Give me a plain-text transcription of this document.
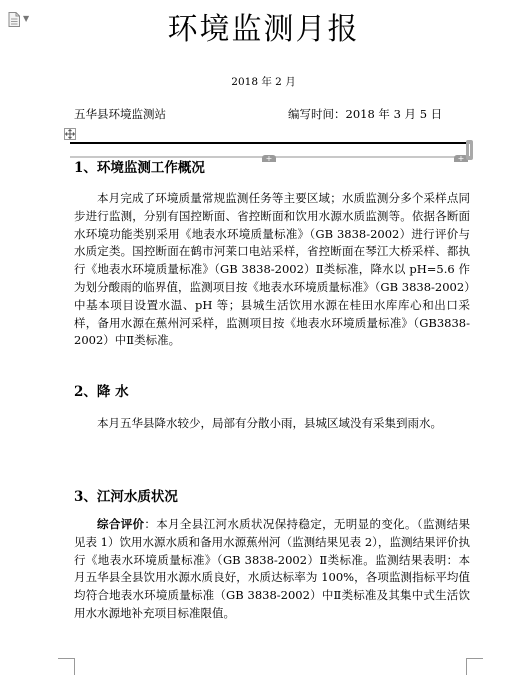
▼	环境监测月报
2018 年 2 月
五华县环境监测站	编写时间：2018 年 3 月 5 日
+	+
1、环境监测工作概况

本月完成了环境质量常规监测任务等主要区域；水质监测分多个采样点同步进行监测，分别有国控断面、省控断面和饮用水源水质监测等。依据各断面水环境功能类别采用《地表水环境质量标准》（GB 3838-2002）进行评价与水质定类。国控断面在鹤市河莱口电站采样，省控断面在琴江大桥采样、都执行《地表水环境质量标准》（GB 3838-2002）Ⅱ类标准，降水以 pH=5.6 作为划分酸雨的临界值，监测项目按《地表水环境质量标准》（GB 3838-2002）中基本项目设置水温、pH 等；县城生活饮用水源在桂田水库库心和出口采样，备用水源在蕉州河采样，监测项目按《地表水环境质量标准》（GB3838-2002）中Ⅱ类标准。

2、降 水

本月五华县降水较少，局部有分散小雨，县城区域没有采集到雨水。

3、江河水质状况

综合评价：本月全县江河水质状况保持稳定，无明显的变化。（监测结果见表 1）饮用水源水质和备用水源蕉州河（监测结果见表 2），监测结果评价执行《地表水环境质量标准》（GB 3838-2002）Ⅱ类标准。监测结果表明：本月五华县全县饮用水源水质良好，水质达标率为 100%，各项监测指标平均值均符合地表水环境质量标准（GB 3838-2002）中Ⅱ类标准及其集中式生活饮用水水源地补充项目标准限值。
